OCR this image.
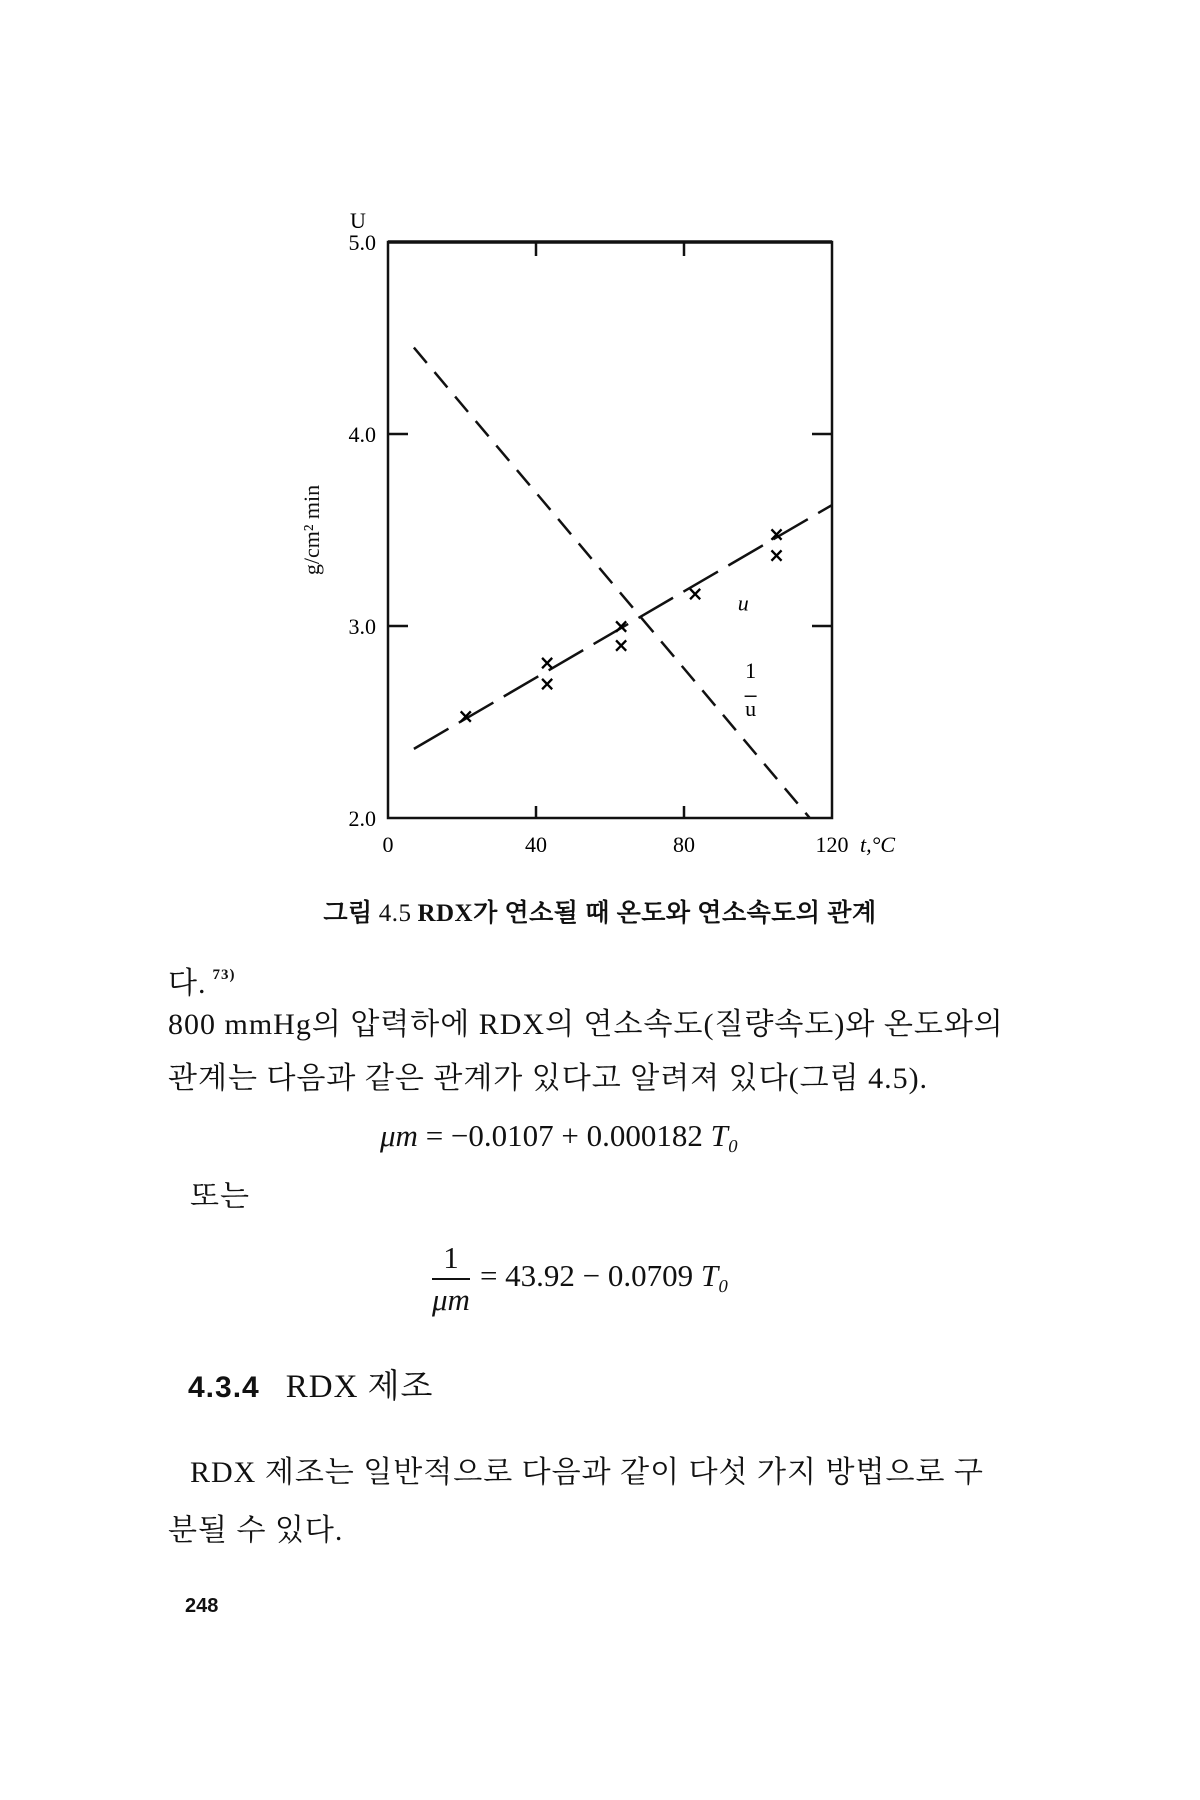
0	40	80	120 t,°C
2.0
3.0
4.0
5.0
U
×
×
×
×
×
×
×
×
u
1
u
g/cm² min
그림 4.5 RDX가 연소될 때 온도와 연소속도의 관계
다. $^{73)}$
800 mmHg의 압력하에 RDX의 연소속도(질량속도)와 온도와의
관계는 다음과 같은 관계가 있다고 알려져 있다(그림 4.5).
μm = −0.0107 + 0.000182 T₀
또는
$\frac{1}{\mu m} = 43.92 - 0.0709$ T₀
4.3.4 RDX 제조
RDX 제조는 일반적으로 다음과 같이 다섯 가지 방법으로 구
분될 수 있다.
248
